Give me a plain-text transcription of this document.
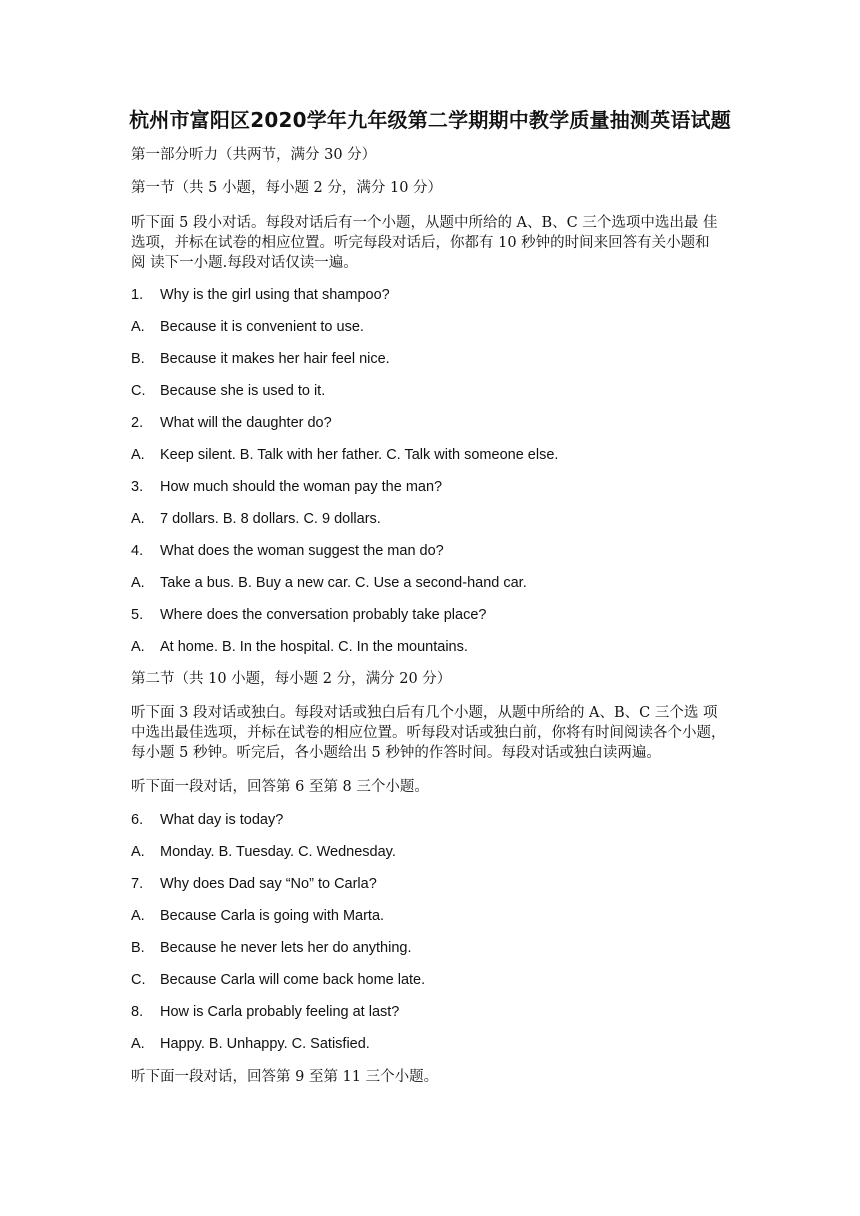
杭州市富阳区2020学年九年级第二学期期中教学质量抽测英语试题
第一部分听力（共两节，满分 30 分）
第一节（共 5 小题，每小题 2 分，满分 10 分）
听下面 5 段小对话。每段对话后有一个小题，从题中所给的 A、B、C 三个选项中选出最 佳
选项，并标在试卷的相应位置。听完每段对话后，你都有 10 秒钟的时间来回答有关小题和
阅 读下一小题.每段对话仅读一遍。
1. Why is the girl using that shampoo?
A. Because it is convenient to use.
B. Because it makes her hair feel nice.
C. Because she is used to it.
2. What will the daughter do?
A. Keep silent. B. Talk with her father. C. Talk with someone else.
3. How much should the woman pay the man?
A. 7 dollars. B. 8 dollars. C. 9 dollars.
4. What does the woman suggest the man do?
A. Take a bus. B. Buy a new car. C. Use a second-hand car.
5. Where does the conversation probably take place?
A. At home. B. In the hospital. C. In the mountains.
第二节（共 10 小题，每小题 2 分，满分 20 分）
听下面 3 段对话或独白。每段对话或独白后有几个小题，从题中所给的 A、B、C 三个选 项
中选出最佳选项，并标在试卷的相应位置。听每段对话或独白前，你将有时间阅读各个小题，
每小题 5 秒钟。听完后，各小题给出 5 秒钟的作答时间。每段对话或独白读两遍。
听下面一段对话，回答第 6 至第 8 三个小题。
6. What day is today?
A. Monday. B. Tuesday. C. Wednesday.
7. Why does Dad say “No” to Carla?
A. Because Carla is going with Marta.
B. Because he never lets her do anything.
C. Because Carla will come back home late.
8. How is Carla probably feeling at last?
A. Happy. B. Unhappy. C. Satisfied.
听下面一段对话，回答第 9 至第 11 三个小题。
